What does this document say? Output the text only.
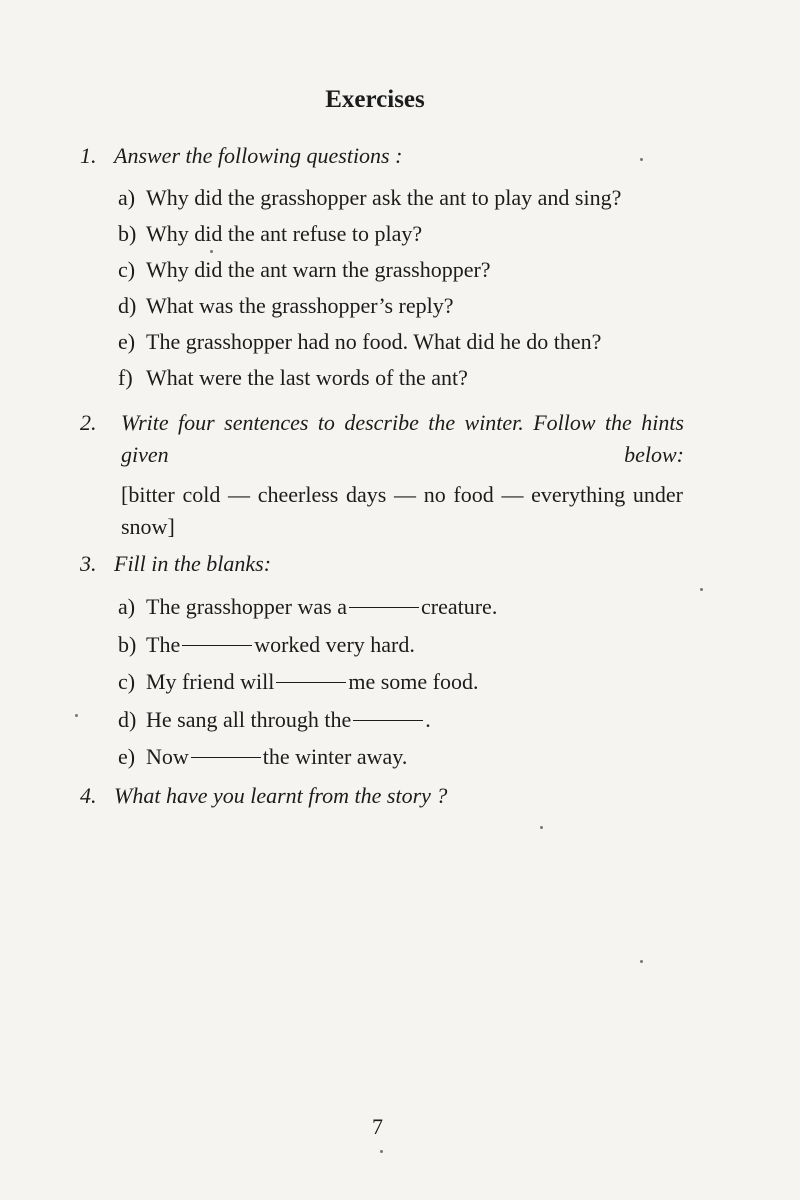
Exercises
1. Answer the following questions :
a) Why did the grasshopper ask the ant to play and sing?
b) Why did the ant refuse to play?
c) Why did the ant warn the grasshopper?
d) What was the grasshopper’s reply?
e) The grasshopper had no food. What did he do then?
f) What were the last words of the ant?
2. Write four sentences to describe the winter. Follow the hints given below:
[bitter cold — cheerless days — no food — everything under snow]
3. Fill in the blanks:
a) The grasshopper was a	creature.
b) The	worked very hard.
c) My friend will	me some food.
d) He sang all through the	.
e) Now	the winter away.
4. What have you learnt from the story ?
7
